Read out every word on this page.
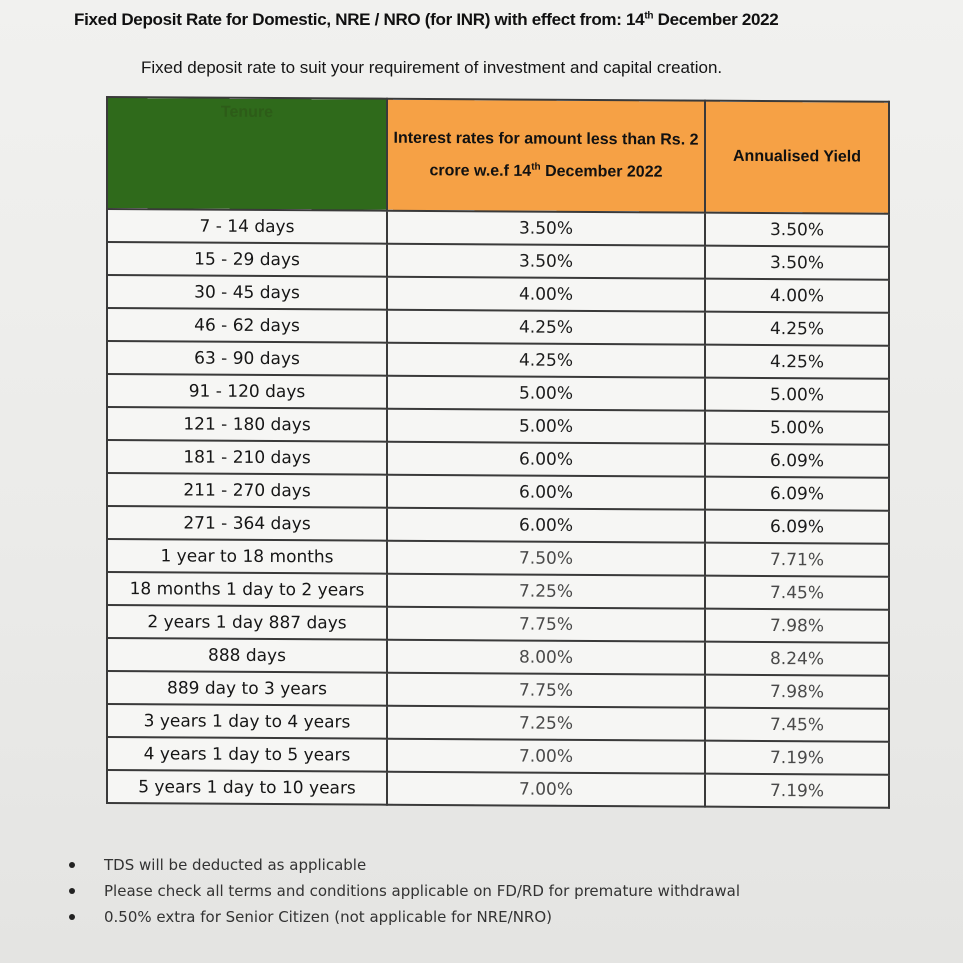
Fixed Deposit Rate for Domestic, NRE / NRO (for INR) with effect from: 14th December 2022
Fixed deposit rate to suit your requirement of investment and capital creation.
Tenure	Interest rates for amount less than Rs. 2 crore w.e.f 14th December 2022	Annualised Yield
7 - 14 days	3.50%	3.50%
15 - 29 days	3.50%	3.50%
30 - 45 days	4.00%	4.00%
46 - 62 days	4.25%	4.25%
63 - 90 days	4.25%	4.25%
91 - 120 days	5.00%	5.00%
121 - 180 days	5.00%	5.00%
181 - 210 days	6.00%	6.09%
211 - 270 days	6.00%	6.09%
271 - 364 days	6.00%	6.09%
1 year to 18 months	7.50%	7.71%
18 months 1 day to 2 years	7.25%	7.45%
2 years 1 day 887 days	7.75%	7.98%
888 days	8.00%	8.24%
889 day to 3 years	7.75%	7.98%
3 years 1 day to 4 years	7.25%	7.45%
4 years 1 day to 5 years	7.00%	7.19%
5 years 1 day to 10 years	7.00%	7.19%
TDS will be deducted as applicable
Please check all terms and conditions applicable on FD/RD for premature withdrawal
0.50% extra for Senior Citizen (not applicable for NRE/NRO)
